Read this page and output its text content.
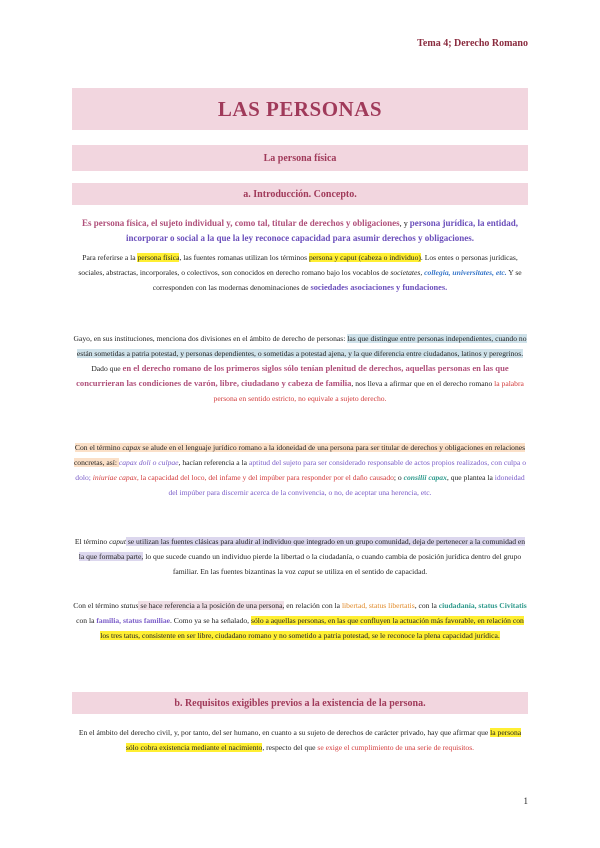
Tema 4; Derecho Romano
LAS PERSONAS
La persona física
a. Introducción. Concepto.
Es persona física, el sujeto individual y, como tal, titular de derechos y obligaciones, y persona jurídica, la entidad, incorporar o social a la que la ley reconoce capacidad para asumir derechos y obligaciones.
Para referirse a la persona física, las fuentes romanas utilizan los términos persona y caput (cabeza o individuo). Los entes o personas jurídicas, sociales, abstractas, incorporales, o colectivos, son conocidos en derecho romano bajo los vocablos de societates, collegia, universitates, etc. Y se corresponden con las modernas denominaciones de sociedades asociaciones y fundaciones.
Gayo, en sus instituciones, menciona dos divisiones en el ámbito de derecho de personas: las que distingue entre personas independientes, cuando no están sometidas a patria potestad, y personas dependientes, o sometidas a potestad ajena, y la que diferencia entre ciudadanos, latinos y peregrinos.
Dado que en el derecho romano de los primeros siglos sólo tenían plenitud de derechos, aquellas personas en las que concurrieran las condiciones de varón, libre, ciudadano y cabeza de familia, nos lleva a afirmar que en el derecho romano la palabra persona en sentido estricto, no equivale a sujeto derecho.
Con el término capax se alude en el lenguaje jurídico romano a la idoneidad de una persona para ser titular de derechos y obligaciones en relaciones concretas, así: capax doli o culpae, hacían referencia a la aptitud del sujeto para ser considerado responsable de actos propios realizados, con culpa o dolo; iniuriae capax, la capacidad del loco, del infame y del impúber para responder por el daño causado; o consilii capax, que plantea la idoneidad del impúber para discernir acerca de la convivencia, o no, de aceptar una herencia, etc.
El término caput se utilizan las fuentes clásicas para aludir al individuo que integrado en un grupo comunidad, deja de pertenecer a la comunidad en la que formaba parte, lo que sucede cuando un individuo pierde la libertad o la ciudadanía, o cuando cambia de posición jurídica dentro del grupo familiar. En las fuentes bizantinas la voz caput se utiliza en el sentido de capacidad.
Con el término status se hace referencia a la posición de una persona, en relación con la libertad, status libertatis, con la ciudadanía, status Civitatis con la familia, status familiae. Como ya se ha señalado, sólo a aquellas personas, en las que confluyen la actuación más favorable, en relación con los tres tatus, consistente en ser libre, ciudadano romano y no sometido a patria potestad, se le reconoce la plena capacidad jurídica.
b. Requisitos exigibles previos a la existencia de la persona.
En el ámbito del derecho civil, y, por tanto, del ser humano, en cuanto a su sujeto de derechos de carácter privado, hay que afirmar que la persona sólo cobra existencia mediante el nacimiento, respecto del que se exige el cumplimiento de una serie de requisitos.
1
